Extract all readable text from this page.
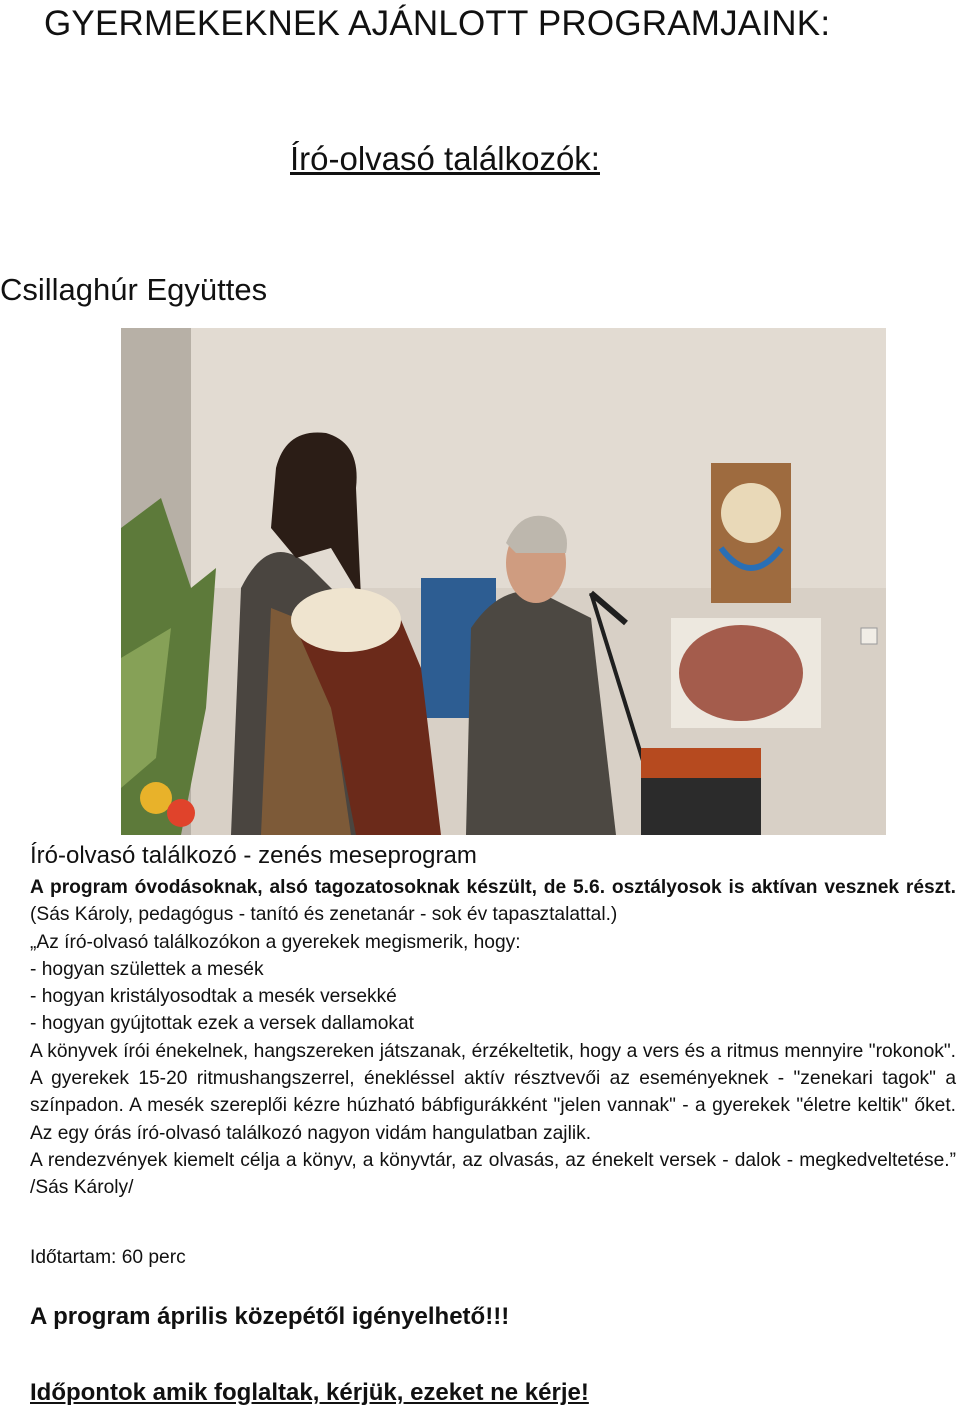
GYERMEKEKNEK AJÁNLOTT PROGRAMJAINK:
Író-olvasó találkozók:
Csillaghúr Együttes
Író-olvasó találkozó - zenés meseprogram

A program óvodásoknak, alsó tagozatosoknak készült, de 5.6. osztályosok is aktívan vesznek részt. (Sás Károly, pedagógus - tanító és zenetanár - sok év tapasztalattal.)

„Az író-olvasó találkozókon a gyerekek megismerik, hogy:
- hogyan születtek a mesék
- hogyan kristályosodtak a mesék versekké
- hogyan gyújtottak ezek a versek dallamokat

A könyvek írói énekelnek, hangszereken játszanak, érzékeltetik, hogy a vers és a ritmus mennyire "rokonok". A gyerekek 15-20 ritmushangszerrel, énekléssel aktív résztvevői az eseményeknek - "zenekari tagok" a színpadon. A mesék szereplői kézre húzható bábfigurákként "jelen vannak" - a gyerekek "életre keltik" őket. Az egy órás író-olvasó találkozó nagyon vidám hangulatban zajlik.

A rendezvények kiemelt célja a könyv, a könyvtár, az olvasás, az énekelt versek - dalok - megkedveltetése.” /Sás Károly/

Időtartam: 60 perc
A program április közepétől igényelhető!!!
Időpontok amik foglaltak, kérjük, ezeket ne kérje!
